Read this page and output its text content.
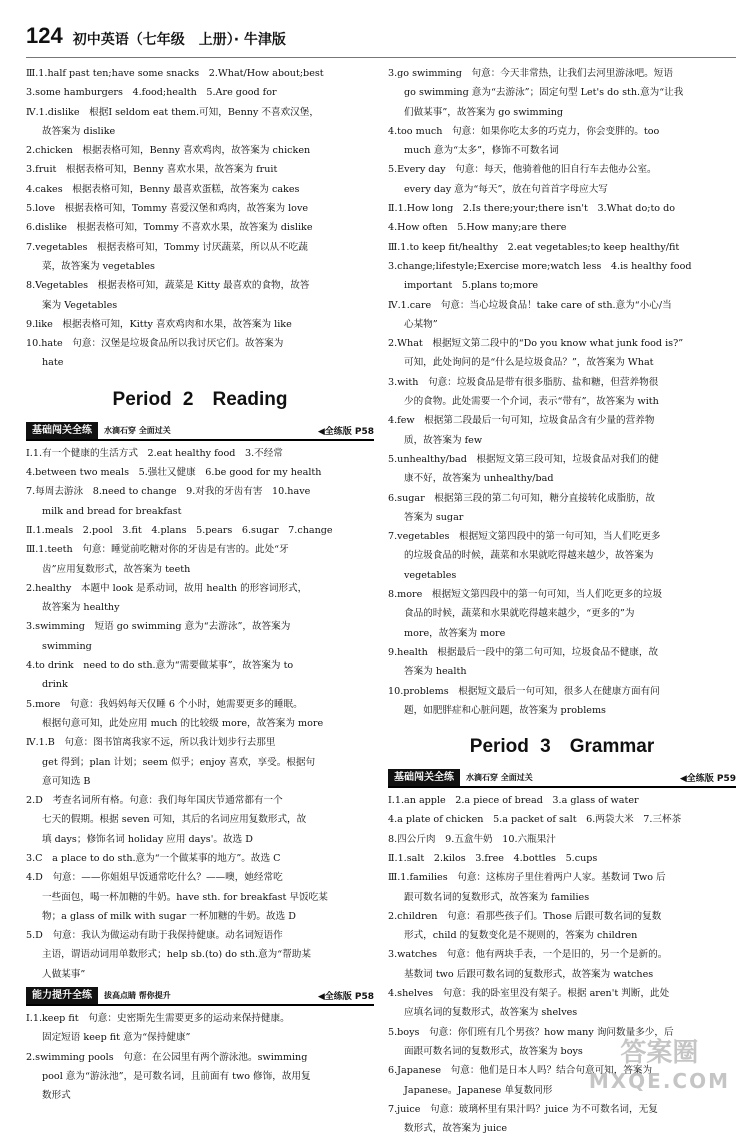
124 初中英语（七年级　上册）· 牛津版
Ⅲ.1.half past ten;have some snacks　2.What/How about;best
3.some hamburgers　4.food;health　5.Are good for
Ⅳ.1.dislike　根据Ⅰ seldom eat them.可知，Benny 不喜欢汉堡，
故答案为 dislike
2.chicken　根据表格可知，Benny 喜欢鸡肉，故答案为 chicken
3.fruit　根据表格可知，Benny 喜欢水果，故答案为 fruit
4.cakes　根据表格可知，Benny 最喜欢蛋糕，故答案为 cakes
5.love　根据表格可知，Tommy 喜爱汉堡和鸡肉，故答案为 love
6.dislike　根据表格可知，Tommy 不喜欢水果，故答案为 dislike
7.vegetables　根据表格可知，Tommy 讨厌蔬菜，所以从不吃蔬
菜，故答案为 vegetables
8.Vegetables　根据表格可知，蔬菜是 Kitty 最喜欢的食物，故答
案为 Vegetables
9.like　根据表格可知，Kitty 喜欢鸡肉和水果，故答案为 like
10.hate　句意：汉堡是垃圾食品所以我讨厌它们。故答案为
hate
Period 2　Reading
基础闯关全练	水滴石穿 全面过关	◀全练版 P58
Ⅰ.1.有一个健康的生活方式　2.eat healthy food　3.不经常
4.between two meals　5.强壮又健康　6.be good for my health
7.每周去游泳　8.need to change　9.对我的牙齿有害　10.have
milk and bread for breakfast
Ⅱ.1.meals　2.pool　3.fit　4.plans　5.pears　6.sugar　7.change
Ⅲ.1.teeth　句意：睡觉前吃糖对你的牙齿是有害的。此处“牙
齿”应用复数形式，故答案为 teeth
2.healthy　本题中 look 是系动词，故用 health 的形容词形式，
故答案为 healthy
3.swimming　短语 go swimming 意为“去游泳”，故答案为
swimming
4.to drink　need to do sth.意为“需要做某事”，故答案为 to
drink
5.more　句意：我妈妈每天仅睡 6 个小时，她需要更多的睡眠。
根据句意可知，此处应用 much 的比较级 more，故答案为 more
Ⅳ.1.B　句意：图书馆离我家不远，所以我计划步行去那里
get 得到；plan 计划；seem 似乎；enjoy 喜欢，享受。根据句
意可知选 B
2.D　考查名词所有格。句意：我们每年国庆节通常都有一个
七天的假期。根据 seven 可知，其后的名词应用复数形式，故
填 days；修饰名词 holiday 应用 days'。故选 D
3.C　a place to do sth.意为“一个做某事的地方”。故选 C
4.D　句意：——你姐姐早饭通常吃什么？——噢，她经常吃
一些面包，喝一杯加糖的牛奶。have sth. for breakfast 早饭吃某
物；a glass of milk with sugar 一杯加糖的牛奶。故选 D
5.D　句意：我认为做运动有助于我保持健康。动名词短语作
主语，谓语动词用单数形式；help sb.(to) do sth.意为“帮助某
人做某事”
能力提升全练	拔高点睛 帮你提升	◀全练版 P58
Ⅰ.1.keep fit　句意：史密斯先生需要更多的运动来保持健康。
固定短语 keep fit 意为“保持健康”
2.swimming pools　句意：在公园里有两个游泳池。swimming
pool 意为“游泳池”，是可数名词，且前面有 two 修饰，故用复
数形式
3.go swimming　句意：今天非常热，让我们去河里游泳吧。短语
go swimming 意为“去游泳”；固定句型 Let's do sth.意为“让我
们做某事”，故答案为 go swimming
4.too much　句意：如果你吃太多的巧克力，你会变胖的。too
much 意为“太多”，修饰不可数名词
5.Every day　句意：每天，他骑着他的旧自行车去他办公室。
every day 意为“每天”，放在句首首字母应大写
Ⅱ.1.How long　2.Is there;your;there isn't　3.What do;to do
4.How often　5.How many;are there
Ⅲ.1.to keep fit/healthy　2.eat vegetables;to keep healthy/fit
3.change;lifestyle;Exercise more;watch less　4.is healthy food
important　5.plans to;more
Ⅳ.1.care　句意：当心垃圾食品！take care of sth.意为“小心/当
心某物”
2.What　根据短文第二段中的“Do you know what junk food is?”
可知，此处询问的是“什么是垃圾食品？”，故答案为 What
3.with　句意：垃圾食品是带有很多脂肪、盐和糖，但营养物很
少的食物。此处需要一个介词，表示“带有”，故答案为 with
4.few　根据第二段最后一句可知，垃圾食品含有少量的营养物
质，故答案为 few
5.unhealthy/bad　根据短文第三段可知，垃圾食品对我们的健
康不好，故答案为 unhealthy/bad
6.sugar　根据第三段的第二句可知，糖分直接转化成脂肪，故
答案为 sugar
7.vegetables　根据短文第四段中的第一句可知，当人们吃更多
的垃圾食品的时候，蔬菜和水果就吃得越来越少，故答案为
vegetables
8.more　根据短文第四段中的第一句可知，当人们吃更多的垃圾
食品的时候，蔬菜和水果就吃得越来越少，“更多的”为
more，故答案为 more
9.health　根据最后一段中的第二句可知，垃圾食品不健康，故
答案为 health
10.problems　根据短文最后一句可知，很多人在健康方面有问
题，如肥胖症和心脏问题，故答案为 problems
Period 3　Grammar
基础闯关全练	水滴石穿 全面过关	◀全练版 P59
Ⅰ.1.an apple　2.a piece of bread　3.a glass of water
4.a plate of chicken　5.a packet of salt　6.两袋大米　7.三杯茶
8.四公斤肉　9.五盒牛奶　10.六瓶果汁
Ⅱ.1.salt　2.kilos　3.free　4.bottles　5.cups
Ⅲ.1.families　句意：这栋房子里住着两户人家。基数词 Two 后
跟可数名词的复数形式，故答案为 families
2.children　句意：看那些孩子们。Those 后跟可数名词的复数
形式，child 的复数变化是不规则的，答案为 children
3.watches　句意：他有两块手表，一个是旧的，另一个是新的。
基数词 two 后跟可数名词的复数形式，故答案为 watches
4.shelves　句意：我的卧室里没有架子。根据 aren't 判断，此处
应填名词的复数形式，故答案为 shelves
5.boys　句意：你们班有几个男孩？how many 询问数量多少，后
面跟可数名词的复数形式，故答案为 boys
6.Japanese　句意：他们是日本人吗？结合句意可知，答案为
Japanese。Japanese 单复数同形
7.juice　句意：玻璃杯里有果汁吗？juice 为不可数名词，无复
数形式，故答案为 juice
答案圈
MXQE.COM
